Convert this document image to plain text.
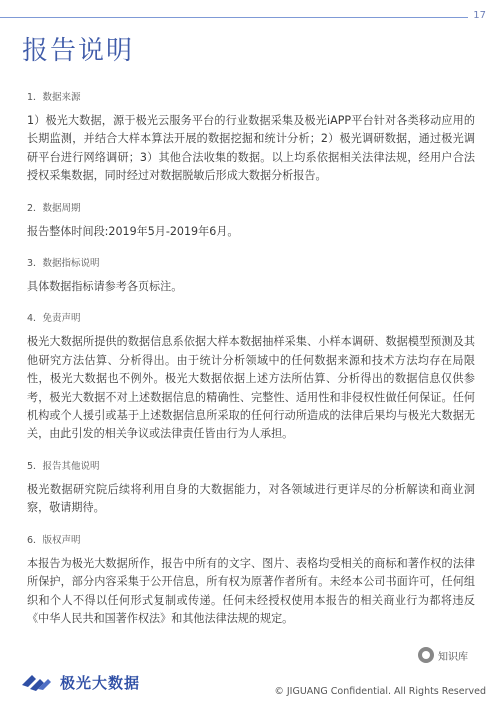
17
报告说明

1．数据来源

1）极光大数据，源于极光云服务平台的行业数据采集及极光iAPP平台针对各类移动应用的长期监测，并结合大样本算法开展的数据挖掘和统计分析；2）极光调研数据，通过极光调研平台进行网络调研；3）其他合法收集的数据。以上均系依据相关法律法规，经用户合法授权采集数据，同时经过对数据脱敏后形成大数据分析报告。

2．数据周期

报告整体时间段:2019年5月-2019年6月。

3．数据指标说明

具体数据指标请参考各页标注。

4．免责声明

极光大数据所提供的数据信息系依据大样本数据抽样采集、小样本调研、数据模型预测及其他研究方法估算、分析得出。由于统计分析领域中的任何数据来源和技术方法均存在局限性，极光大数据也不例外。极光大数据依据上述方法所估算、分析得出的数据信息仅供参考，极光大数据不对上述数据信息的精确性、完整性、适用性和非侵权性做任何保证。任何机构或个人援引或基于上述数据信息所采取的任何行动所造成的法律后果均与极光大数据无关，由此引发的相关争议或法律责任皆由行为人承担。

5．报告其他说明

极光数据研究院后续将利用自身的大数据能力，对各领域进行更详尽的分析解读和商业洞察，敬请期待。

6．版权声明

本报告为极光大数据所作，报告中所有的文字、图片、表格均受相关的商标和著作权的法律所保护，部分内容采集于公开信息，所有权为原著作者所有。未经本公司书面许可，任何组织和个人不得以任何形式复制或传递。任何未经授权使用本报告的相关商业行为都将违反《中华人民共和国著作权法》和其他法律法规的规定。

知识库
极光大数据	© JIGUANG Confidential. All Rights Reserved
